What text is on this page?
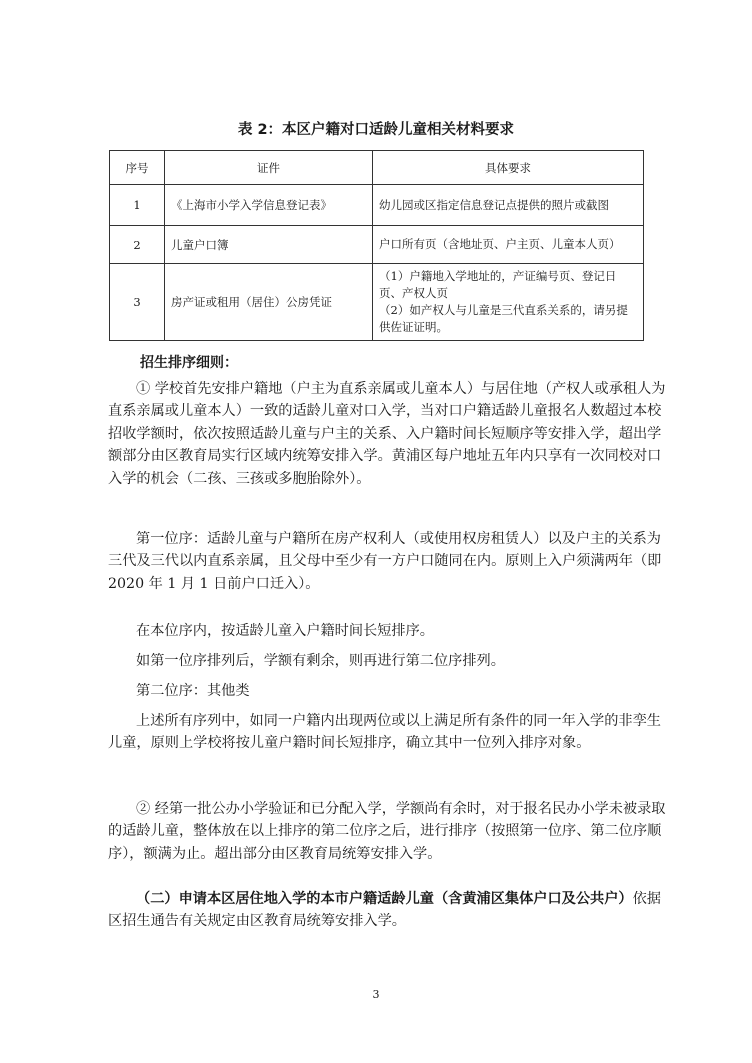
表 2：本区户籍对口适龄儿童相关材料要求
序号	证件	具体要求
1	《上海市小学入学信息登记表》	幼儿园或区指定信息登记点提供的照片或截图

2	儿童户口簿	户口所有页（含地址页、户主页、儿童本人页）

3	房产证或租用（居住）公房凭证	（1）户籍地入学地址的，产证编号页、登记日页、产权人页
（2）如产权人与儿童是三代直系关系的，请另提供佐证证明。
招生排序细则：

① 学校首先安排户籍地（户主为直系亲属或儿童本人）与居住地（产权人或承租人为直系亲属或儿童本人）一致的适龄儿童对口入学，当对口户籍适龄儿童报名人数超过本校招收学额时，依次按照适龄儿童与户主的关系、入户籍时间长短顺序等安排入学，超出学额部分由区教育局实行区域内统筹安排入学。黄浦区每户地址五年内只享有一次同校对口入学的机会（二孩、三孩或多胞胎除外）。

第一位序：适龄儿童与户籍所在房产权利人（或使用权房租赁人）以及户主的关系为三代及三代以内直系亲属，且父母中至少有一方户口随同在内。原则上入户须满两年（即 2020 年 1 月 1 日前户口迁入）。

在本位序内，按适龄儿童入户籍时间长短排序。

如第一位序排列后，学额有剩余，则再进行第二位序排列。

第二位序：其他类

上述所有序列中，如同一户籍内出现两位或以上满足所有条件的同一年入学的非孪生儿童，原则上学校将按儿童户籍时间长短排序，确立其中一位列入排序对象。

② 经第一批公办小学验证和已分配入学，学额尚有余时，对于报名民办小学未被录取的适龄儿童，整体放在以上排序的第二位序之后，进行排序（按照第一位序、第二位序顺序），额满为止。超出部分由区教育局统筹安排入学。

（二）申请本区居住地入学的本市户籍适龄儿童（含黄浦区集体户口及公共户）依据区招生通告有关规定由区教育局统筹安排入学。

3
